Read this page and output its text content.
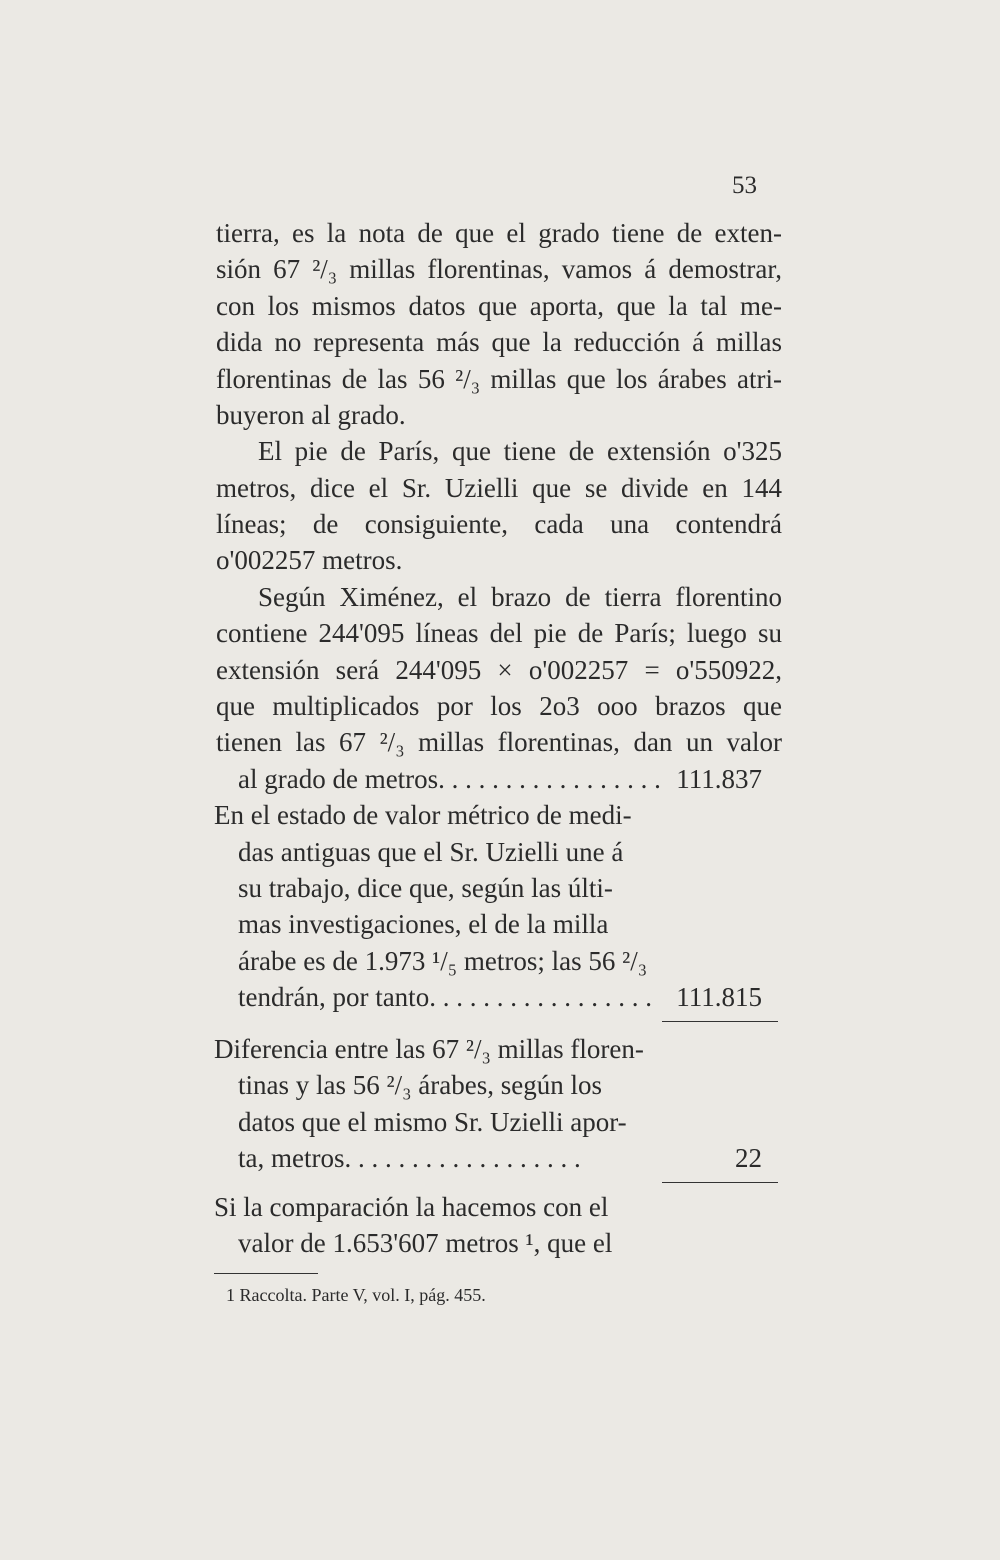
53
tierra, es la nota de que el grado tiene de exten-
sión 67 ²/₃ millas florentinas, vamos á demostrar,
con los mismos datos que aporta, que la tal me-
dida no representa más que la reducción á millas
florentinas de las 56 ²/₃ millas que los árabes atri-
buyeron al grado.
El pie de París, que tiene de extensión o'325
metros, dice el Sr. Uzielli que se divide en 144
líneas; de consiguiente, cada una contendrá
o'002257 metros.
Según Ximénez, el brazo de tierra florentino
contiene 244'095 líneas del pie de París; luego su
extensión será 244'095 × o'002257 = o'550922,
que multiplicados por los 2o3 ooo brazos que
tienen las 67 ²/₃ millas florentinas, dan un valor
al grado de metros. . . . . . . . . . . . . . . . . 111.837
En el estado de valor métrico de medi-
das antiguas que el Sr. Uzielli une á
su trabajo, dice que, según las últi-
mas investigaciones, el de la milla
árabe es de 1.973 ¹/₅ metros; las 56 ²/₃
tendrán, por tanto. . . . . . . . . . . . . . . . . 111.815
Diferencia entre las 67 ²/₃ millas floren-
tinas y las 56 ²/₃ árabes, según los
datos que el mismo Sr. Uzielli apor-
ta, metros. . . . . . . . . . . . . . . . . .	22
Si la comparación la hacemos con el
valor de 1.653'607 metros ¹, que el
1 Raccolta. Parte V, vol. I, pág. 455.
